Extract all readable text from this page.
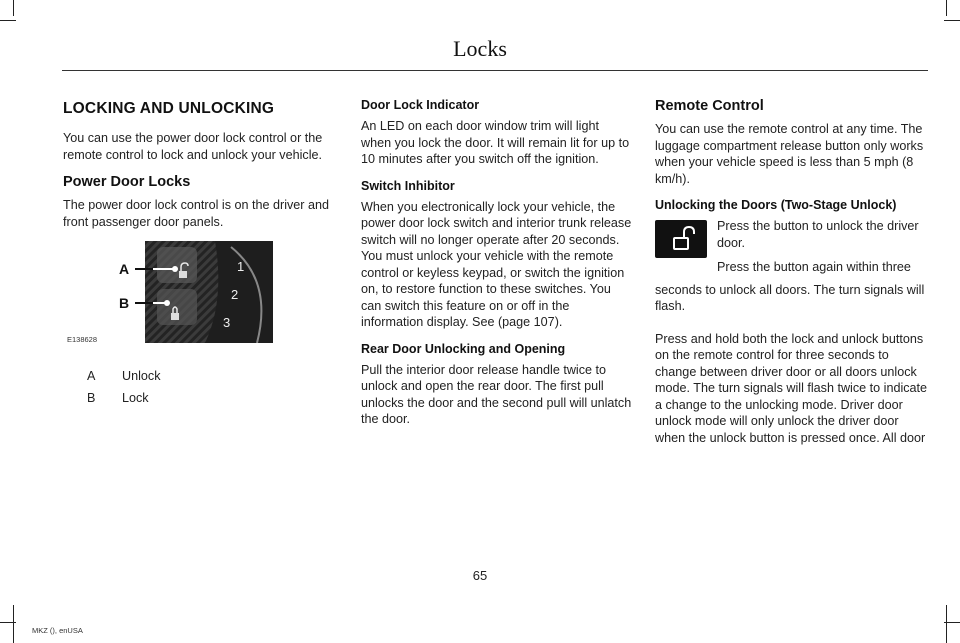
Locks
LOCKING AND UNLOCKING

You can use the power door lock control or the remote control to lock and unlock your vehicle.

Power Door Locks

The power door lock control is on the driver and front passenger door panels.

1
2
3
A
B
E138628
A	Unlock
B	Lock
Door Lock Indicator

An LED on each door window trim will light when you lock the door. It will remain lit for up to 10 minutes after you switch off the ignition.

Switch Inhibitor

When you electronically lock your vehicle, the power door lock switch and interior trunk release switch will no longer operate after 20 seconds. You must unlock your vehicle with the remote control or keyless keypad, or switch the ignition on, to restore function to these switches. You can switch this feature on or off in the information display. See (page 107).

Rear Door Unlocking and Opening

Pull the interior door release handle twice to unlock and open the rear door. The first pull unlocks the door and the second pull will unlatch the door.

Remote Control

You can use the remote control at any time. The luggage compartment release button only works when your vehicle speed is less than 5 mph (8 km/h).

Unlocking the Doors (Two-Stage Unlock)

Press the button to unlock the driver door.

Press the button again within three

seconds to unlock all doors. The turn signals will flash.

Press and hold both the lock and unlock buttons on the remote control for three seconds to change between driver door or all doors unlock mode. The turn signals will flash twice to indicate a change to the unlocking mode. Driver door unlock mode will only unlock the driver door when the unlock button is pressed once. All door

65
MKZ (), enUSA
